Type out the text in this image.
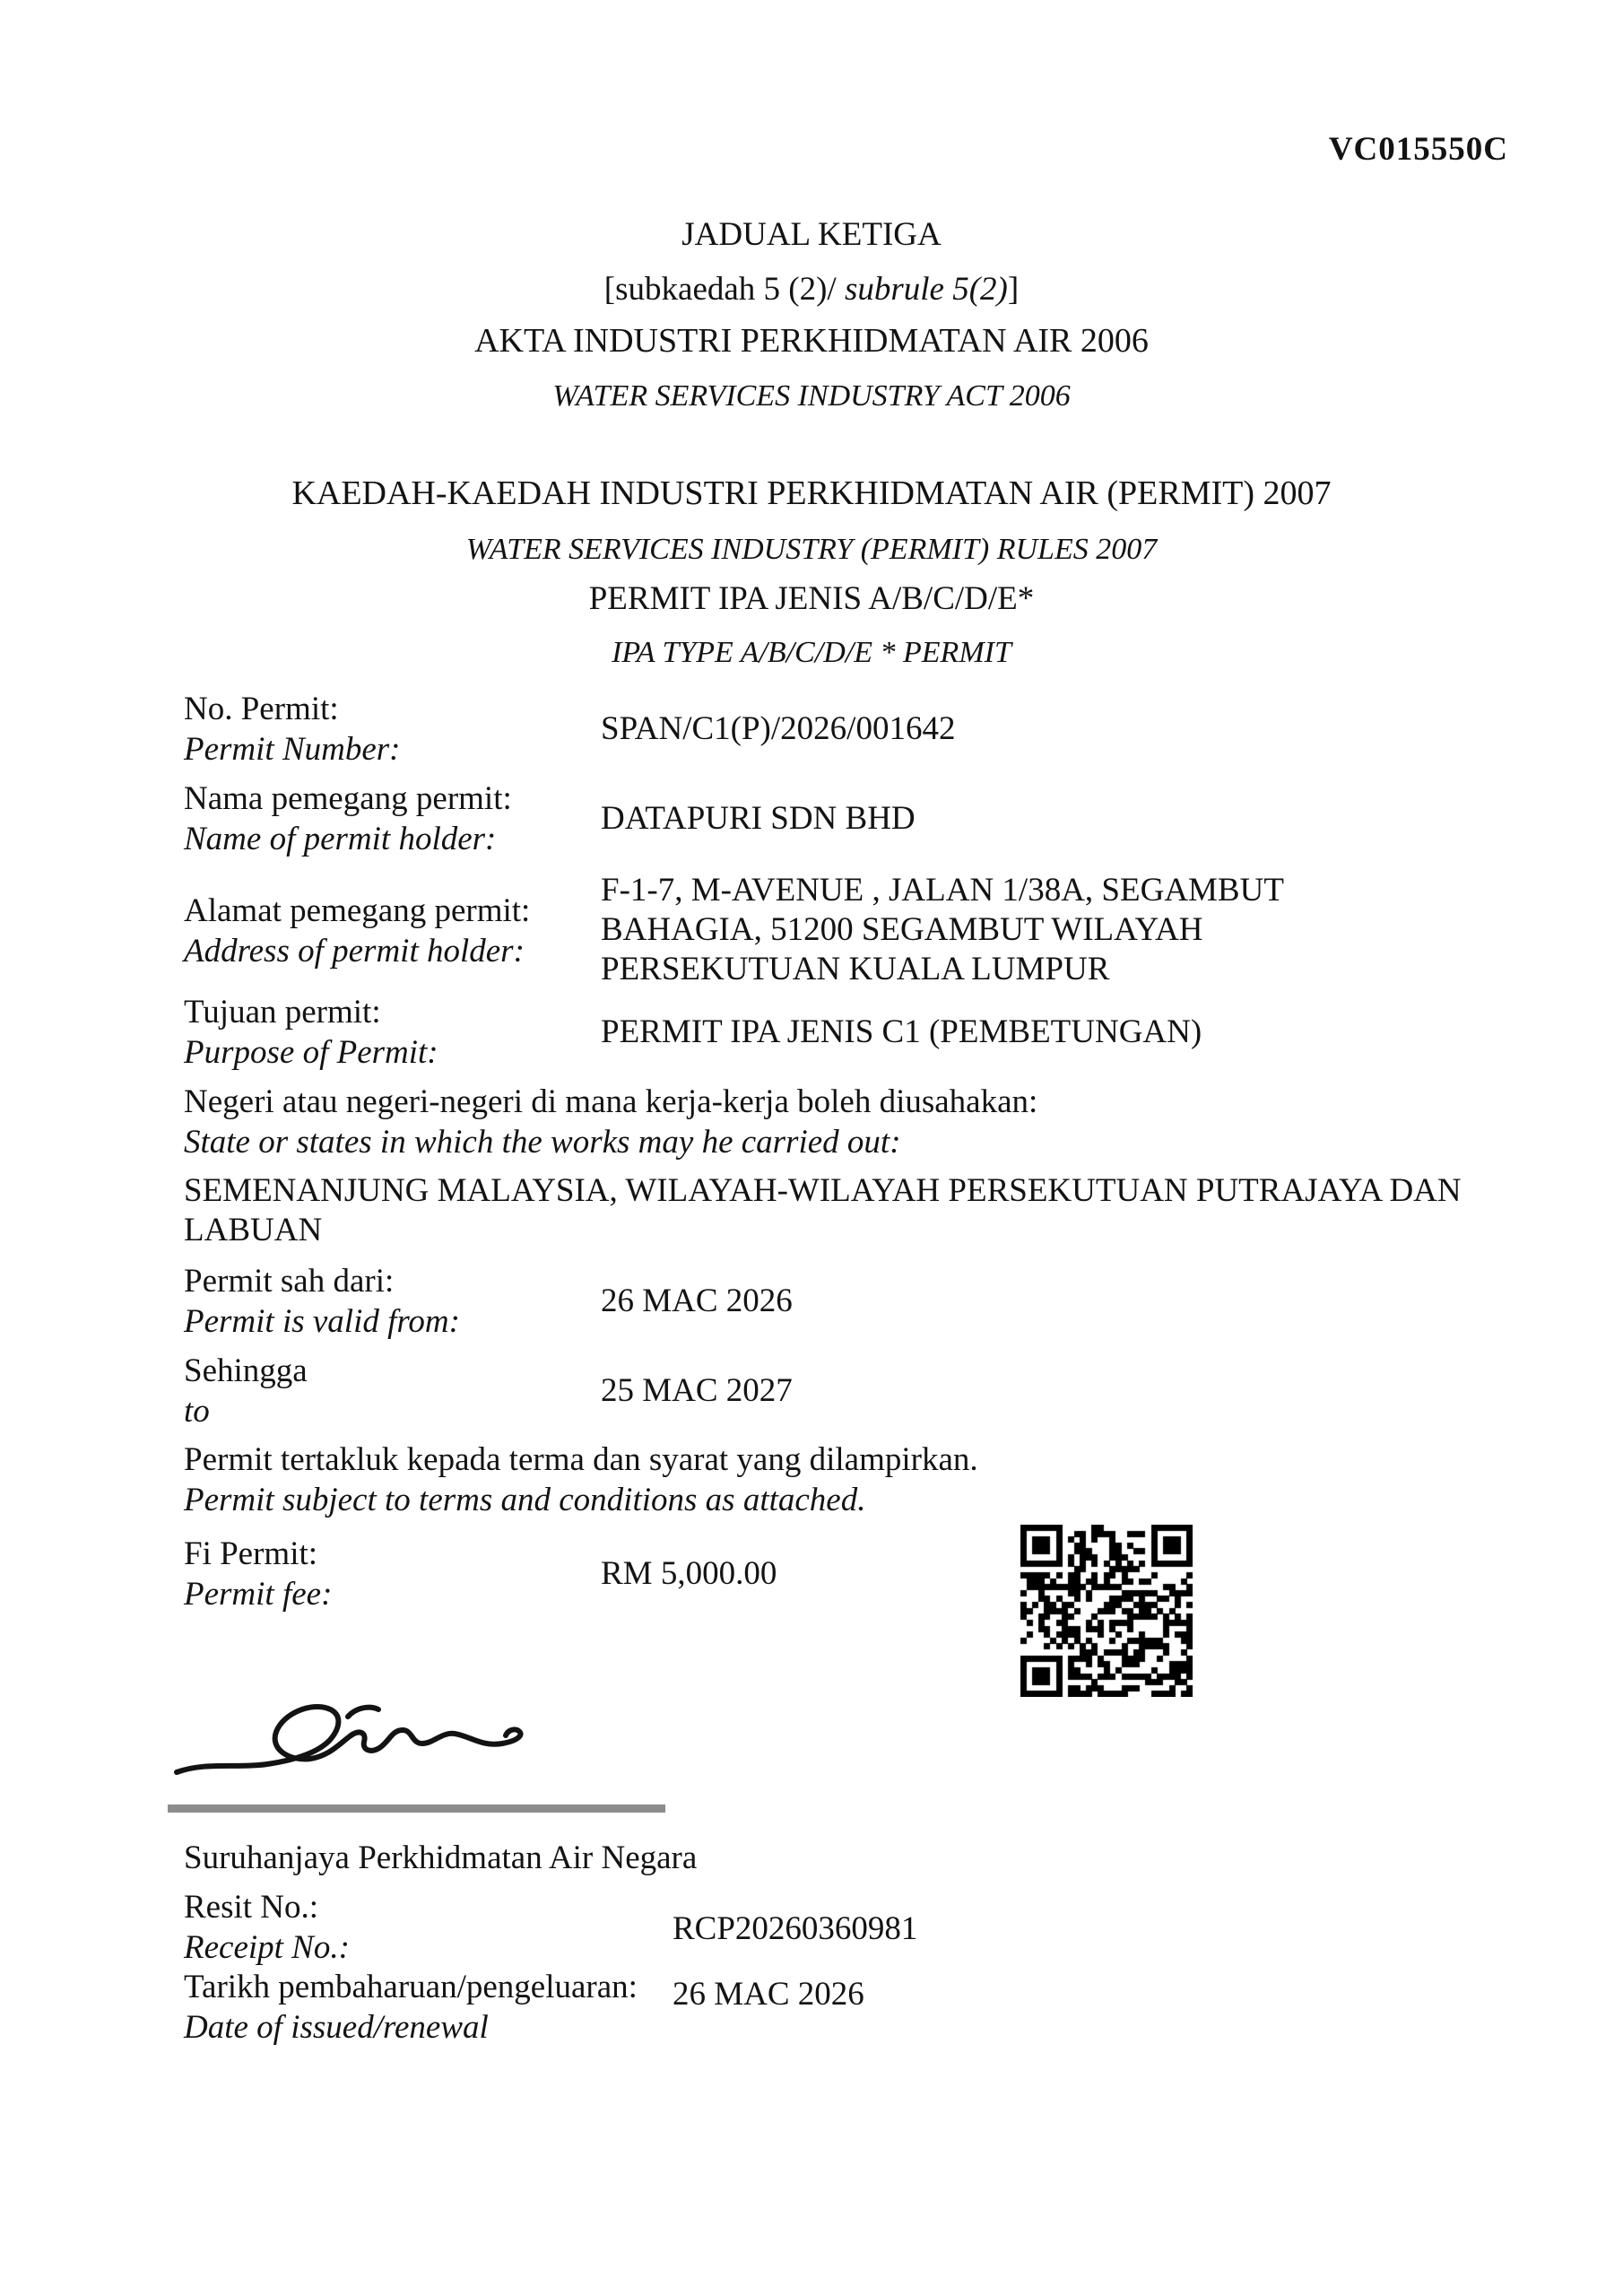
VC015550C
JADUAL KETIGA
[subkaedah 5 (2)/ subrule 5(2)]
AKTA INDUSTRI PERKHIDMATAN AIR 2006
WATER SERVICES INDUSTRY ACT 2006
KAEDAH-KAEDAH INDUSTRI PERKHIDMATAN AIR (PERMIT) 2007
WATER SERVICES INDUSTRY (PERMIT) RULES 2007
PERMIT IPA JENIS A/B/C/D/E*
IPA TYPE A/B/C/D/E * PERMIT
No. Permit:
Permit Number:
SPAN/C1(P)/2026/001642
Nama pemegang permit:
Name of permit holder:
DATAPURI SDN BHD
Alamat pemegang permit:
Address of permit holder:
F-1-7, M-AVENUE , JALAN 1/38A, SEGAMBUT BAHAGIA, 51200 SEGAMBUT WILAYAH PERSEKUTUAN KUALA LUMPUR
Tujuan permit:
Purpose of Permit:
PERMIT IPA JENIS C1 (PEMBETUNGAN)
Negeri atau negeri-negeri di mana kerja-kerja boleh diusahakan:
State or states in which the works may he carried out:
SEMENANJUNG MALAYSIA, WILAYAH-WILAYAH PERSEKUTUAN PUTRAJAYA DAN LABUAN
Permit sah dari:
Permit is valid from:
26 MAC 2026
Sehingga
to
25 MAC 2027
Permit tertakluk kepada terma dan syarat yang dilampirkan.
Permit subject to terms and conditions as attached.
Fi Permit:
Permit fee:
RM 5,000.00
Suruhanjaya Perkhidmatan Air Negara
Resit No.:
Receipt No.:
RCP20260360981
Tarikh pembaharuan/pengeluaran:
Date of issued/renewal
26 MAC 2026
